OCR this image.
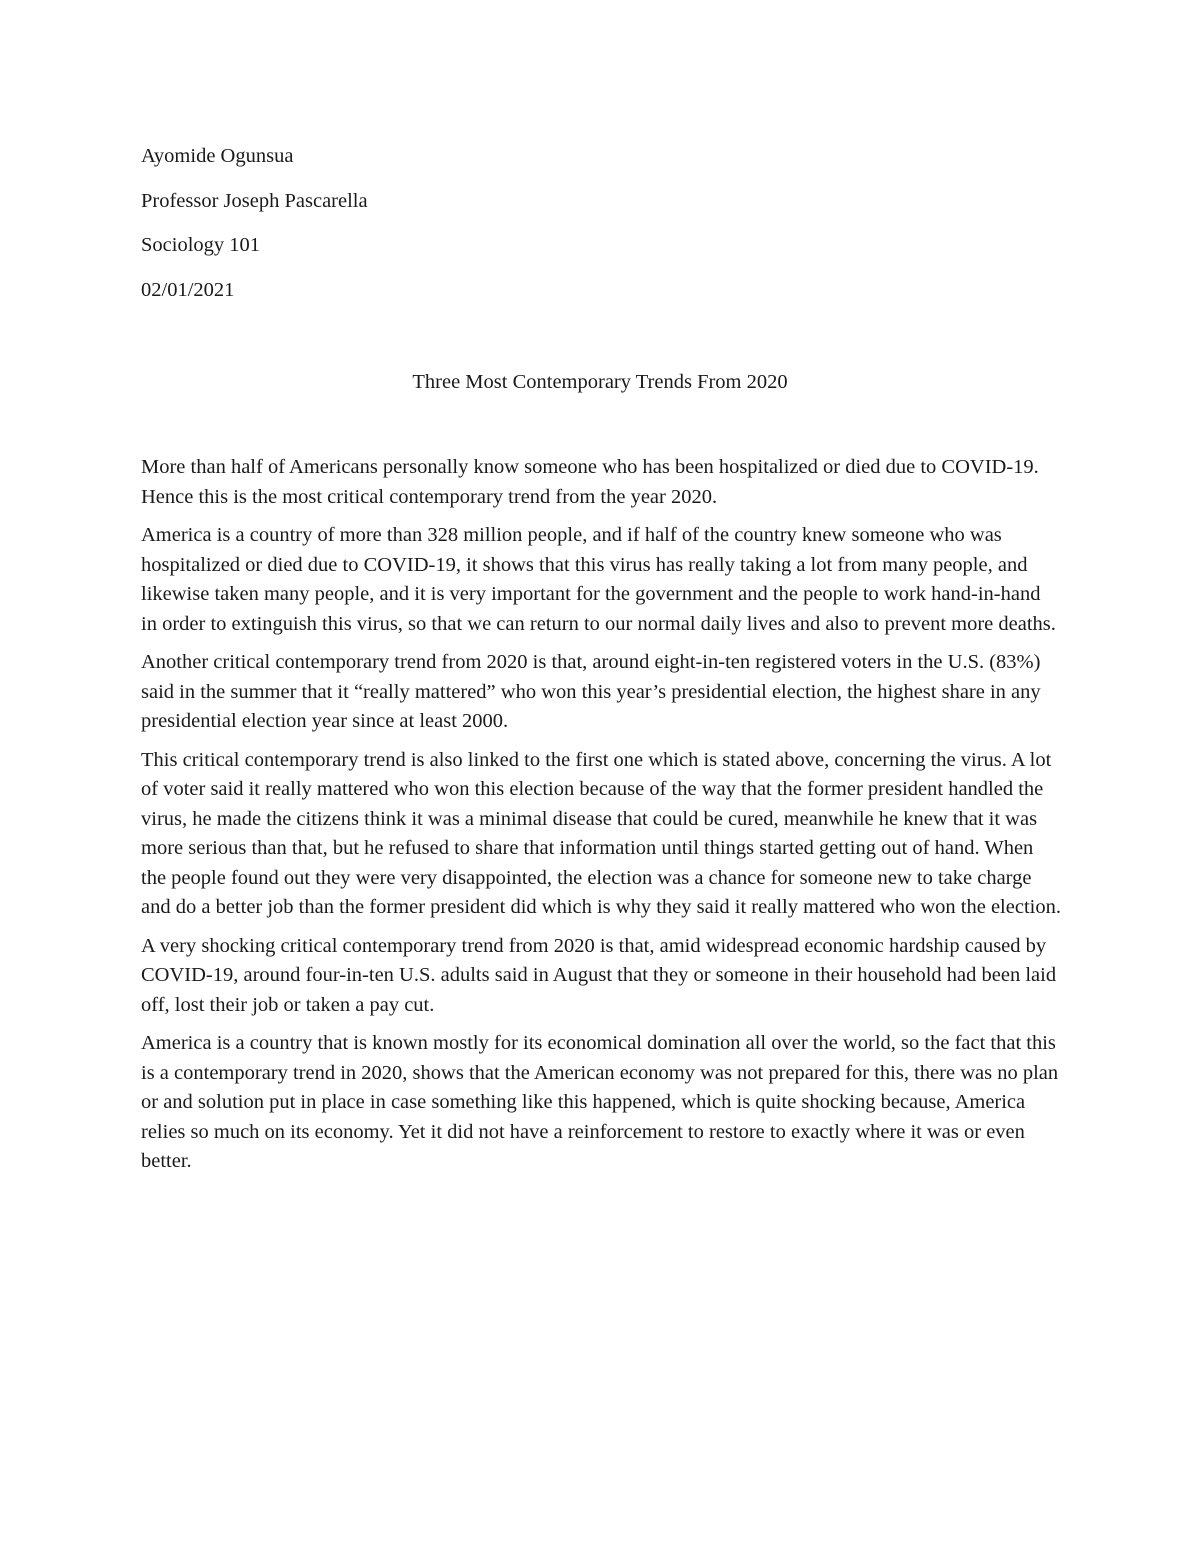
Ayomide Ogunsua
Professor Joseph Pascarella
Sociology 101
02/01/2021
Three Most Contemporary Trends From 2020

More than half of Americans personally know someone who has been hospitalized or died due to COVID-19. Hence this is the most critical contemporary trend from the year 2020.

America is a country of more than 328 million people, and if half of the country knew someone who was hospitalized or died due to COVID-19, it shows that this virus has really taking a lot from many people, and likewise taken many people, and it is very important for the government and the people to work hand-in-hand in order to extinguish this virus, so that we can return to our normal daily lives and also to prevent more deaths.

Another critical contemporary trend from 2020 is that, around eight-in-ten registered voters in the U.S. (83%) said in the summer that it “really mattered” who won this year’s presidential election, the highest share in any presidential election year since at least 2000.

This critical contemporary trend is also linked to the first one which is stated above, concerning the virus. A lot of voter said it really mattered who won this election because of the way that the former president handled the virus, he made the citizens think it was a minimal disease that could be cured, meanwhile he knew that it was more serious than that, but he refused to share that information until things started getting out of hand. When the people found out they were very disappointed, the election was a chance for someone new to take charge and do a better job than the former president did which is why they said it really mattered who won the election.

A very shocking critical contemporary trend from 2020 is that, amid widespread economic hardship caused by COVID-19, around four-in-ten U.S. adults said in August that they or someone in their household had been laid off, lost their job or taken a pay cut.

America is a country that is known mostly for its economical domination all over the world, so the fact that this is a contemporary trend in 2020, shows that the American economy was not prepared for this, there was no plan or and solution put in place in case something like this happened, which is quite shocking because, America relies so much on its economy. Yet it did not have a reinforcement to restore to exactly where it was or even better.
